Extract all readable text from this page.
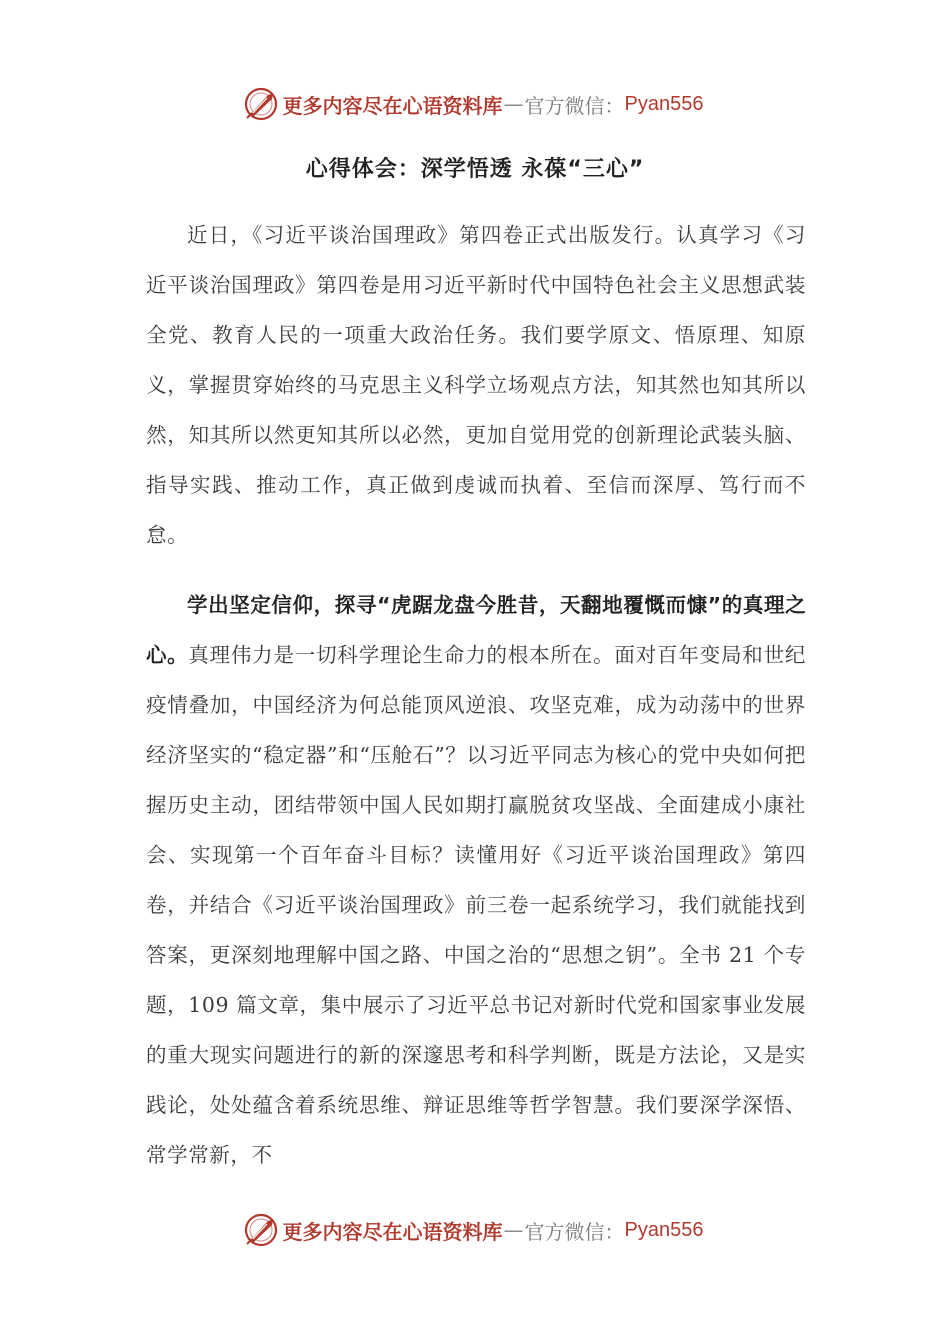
更多内容尽在心语资料库 — 官方微信： Pyan556
心得体会：深学悟透 永葆“三心”

近日，《习近平谈治国理政》第四卷正式出版发行。认真学习《习近平谈治国理政》第四卷是用习近平新时代中国特色社会主义思想武装全党、教育人民的一项重大政治任务。我们要学原文、悟原理、知原义，掌握贯穿始终的马克思主义科学立场观点方法，知其然也知其所以然，知其所以然更知其所以必然，更加自觉用党的创新理论武装头脑、指导实践、推动工作，真正做到虔诚而执着、至信而深厚、笃行而不怠。

学出坚定信仰，探寻“虎踞龙盘今胜昔，天翻地覆慨而慷”的真理之心。真理伟力是一切科学理论生命力的根本所在。面对百年变局和世纪疫情叠加，中国经济为何总能顶风逆浪、攻坚克难，成为动荡中的世界经济坚实的“稳定器”和“压舱石”？以习近平同志为核心的党中央如何把握历史主动，团结带领中国人民如期打赢脱贫攻坚战、全面建成小康社会、实现第一个百年奋斗目标？读懂用好《习近平谈治国理政》第四卷，并结合《习近平谈治国理政》前三卷一起系统学习，我们就能找到答案，更深刻地理解中国之路、中国之治的“思想之钥”。全书 21 个专题，109 篇文章，集中展示了习近平总书记对新时代党和国家事业发展的重大现实问题进行的新的深邃思考和科学判断，既是方法论，又是实践论，处处蕴含着系统思维、辩证思维等哲学智慧。我们要深学深悟、常学常新，不

更多内容尽在心语资料库 — 官方微信： Pyan556
